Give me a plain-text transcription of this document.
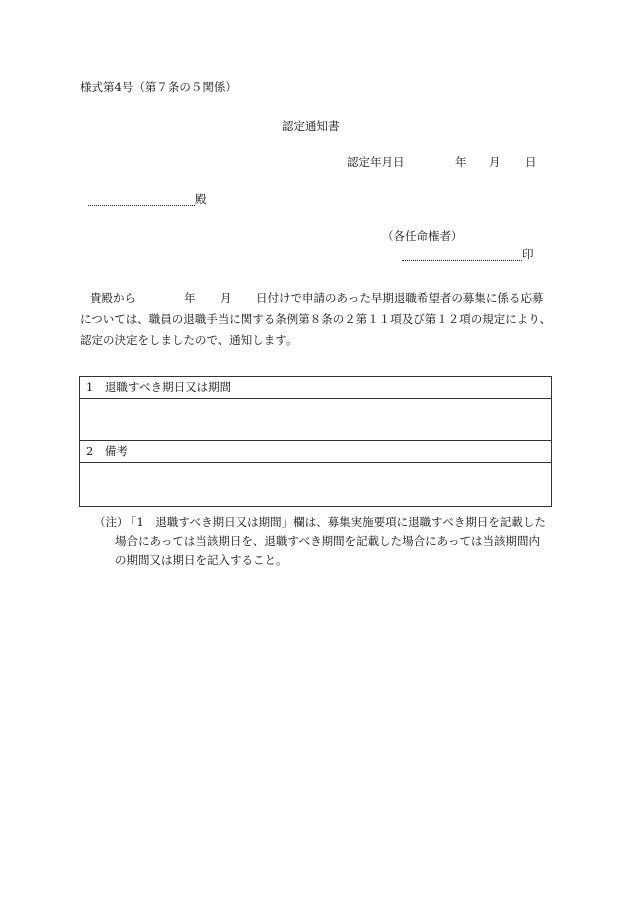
様式第4号（第７条の５関係）
認定通知書
認定年月日	年 月 日
殿
（各任命権者）
印
貴殿から	年 月 日付けで申請のあった早期退職希望者の募集に係る応募
については、職員の退職手当に関する条例第８条の２第１１項及び第１２項の規定により、
認定の決定をしましたので、通知します。
1　退職すべき期日又は期間

2　備考

（注）「1　退職すべき期日又は期間」欄は、募集実施要項に退職すべき期日を記載した
場合にあっては当該期日を、退職すべき期間を記載した場合にあっては当該期間内
の期間又は期日を記入すること。
